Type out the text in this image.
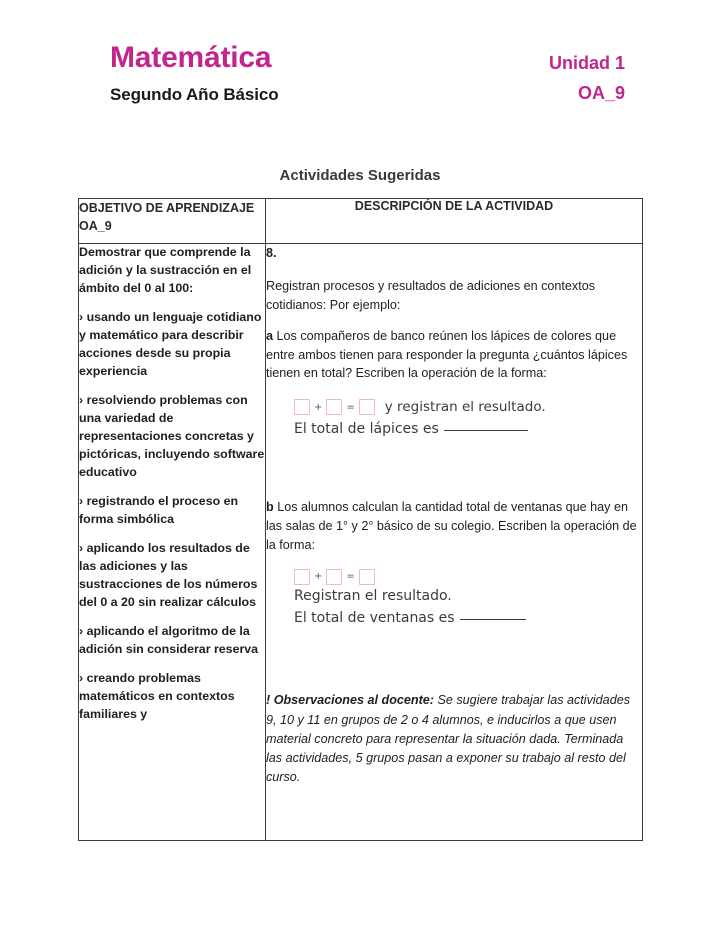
Matemática
Segundo Año Básico
Unidad 1
OA_9
Actividades Sugeridas
OBJETIVO DE APRENDIZAJE OA_9	DESCRIPCIÓN DE LA ACTIVIDAD

Demostrar que comprende la adición y la sustracción en el ámbito del 0 al 100:

› usando un lenguaje cotidiano y matemático para describir acciones desde su propia experiencia

› resolviendo problemas con una variedad de representaciones concretas y pictóricas, incluyendo software educativo

› registrando el proceso en forma simbólica

› aplicando los resultados de las adiciones y las sustracciones de los números del 0 a 20 sin realizar cálculos

› aplicando el algoritmo de la adición sin considerar reserva

› creando problemas matemáticos en contextos familiares y

8.

Registran procesos y resultados de adiciones en contextos cotidianos: Por ejemplo:

a Los compañeros de banco reúnen los lápices de colores que entre ambos tienen para responder la pregunta ¿cuántos lápices tienen en total? Escriben la operación de la forma:

+ =	y registran el resultado.
El total de lápices es

b Los alumnos calculan la cantidad total de ventanas que hay en las salas de 1° y 2° básico de su colegio. Escriben la operación de la forma:

+ =
Registran el resultado.
El total de ventanas es
! Observaciones al docente: Se sugiere trabajar las actividades 9, 10 y 11 en grupos de 2 o 4 alumnos, e inducirlos a que usen material concreto para representar la situación dada. Terminada las actividades, 5 grupos pasan a exponer su trabajo al resto del curso.
